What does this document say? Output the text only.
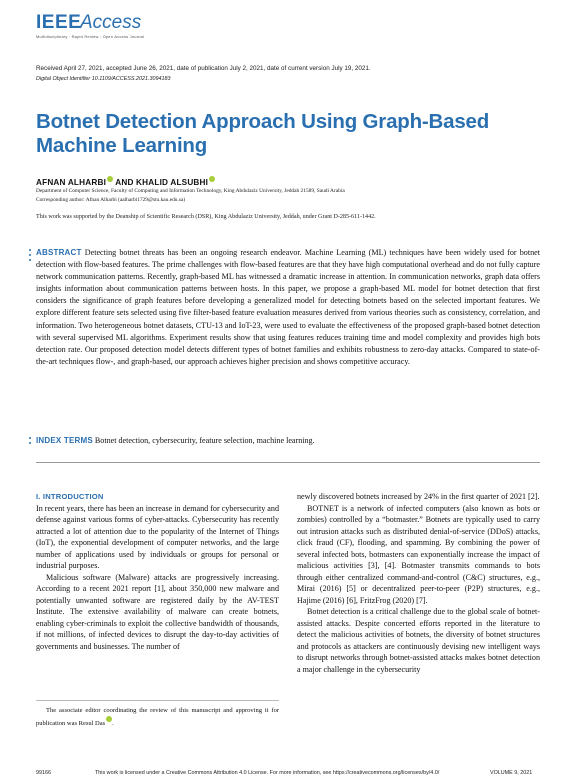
IEEE
Access
Multidisciplinary : Rapid Review : Open Access Journal
Received April 27, 2021, accepted June 26, 2021, date of publication July 2, 2021, date of current version July 19, 2021.
Digital Object Identifier 10.1109/ACCESS.2021.3094183
Botnet Detection Approach Using Graph-Based Machine Learning
AFNAN ALHARBI AND KHALID ALSUBHI
Department of Computer Science, Faculty of Computing and Information Technology, King Abdulaziz University, Jeddah 21589, Saudi Arabia
Corresponding author: Afnan Alharbi (aalharbi1729@stu.kau.edu.sa)
This work was supported by the Deanship of Scientific Research (DSR), King Abdulaziz University, Jeddah, under Grant D-285-611-1442.
ABSTRACT Detecting botnet threats has been an ongoing research endeavor. Machine Learning (ML) techniques have been widely used for botnet detection with flow-based features. The prime challenges with flow-based features are that they have high computational overhead and do not fully capture network communication patterns. Recently, graph-based ML has witnessed a dramatic increase in attention. In communication networks, graph data offers insights information about communication patterns between hosts. In this paper, we propose a graph-based ML model for botnet detection that first considers the significance of graph features before developing a generalized model for detecting botnets based on the selected important features. We explore different feature sets selected using five filter-based feature evaluation measures derived from various theories such as consistency, correlation, and information. Two heterogeneous botnet datasets, CTU-13 and IoT-23, were used to evaluate the effectiveness of the proposed graph-based botnet detection with several supervised ML algorithms. Experiment results show that using features reduces training time and model complexity and provides high bots detection rate. Our proposed detection model detects different types of botnet families and exhibits robustness to zero-day attacks. Compared to state-of-the-art techniques flow-, and graph-based, our approach achieves higher precision and shows competitive accuracy.
INDEX TERMS Botnet detection, cybersecurity, feature selection, machine learning.
I. INTRODUCTION

In recent years, there has been an increase in demand for cybersecurity and defense against various forms of cyber-attacks. Cybersecurity has recently attracted a lot of attention due to the popularity of the Internet of Things (IoT), the exponential development of computer networks, and the large number of applications used by individuals or groups for personal or industrial purposes.

Malicious software (Malware) attacks are progressively increasing. According to a recent 2021 report [1], about 350,000 new malware and potentially unwanted software are registered daily by the AV-TEST Institute. The extensive availability of malware can create botnets, enabling cyber-criminals to exploit the collective bandwidth of thousands, if not millions, of infected devices to disrupt the day-to-day activities of governments and businesses. The number of

The associate editor coordinating the review of this manuscript and approving it for publication was Resul Das .

newly discovered botnets increased by 24% in the first quarter of 2021 [2].

BOTNET is a network of infected computers (also known as bots or zombies) controlled by a “botmaster.” Botnets are typically used to carry out intrusion attacks such as distributed denial-of-service (DDoS) attacks, click fraud (CF), flooding, and spamming. By combining the power of several infected bots, botmasters can exponentially increase the impact of malicious activities [3], [4]. Botmaster transmits commands to bots through either centralized command-and-control (C&C) structures, e.g., Mirai (2016) [5] or decentralized peer-to-peer (P2P) structures, e.g., Hajime (2016) [6], FritzFrog (2020) [7].

Botnet detection is a critical challenge due to the global scale of botnet-assisted attacks. Despite concerted efforts reported in the literature to detect the malicious activities of botnets, the diversity of botnet structures and protocols as attackers are continuously devising new intelligent ways to disrupt networks through botnet-assisted attacks makes botnet detection a major challenge in the cybersecurity

99166	This work is licensed under a Creative Commons Attribution 4.0 License. For more information, see https://creativecommons.org/licenses/by/4.0/	VOLUME 9, 2021
